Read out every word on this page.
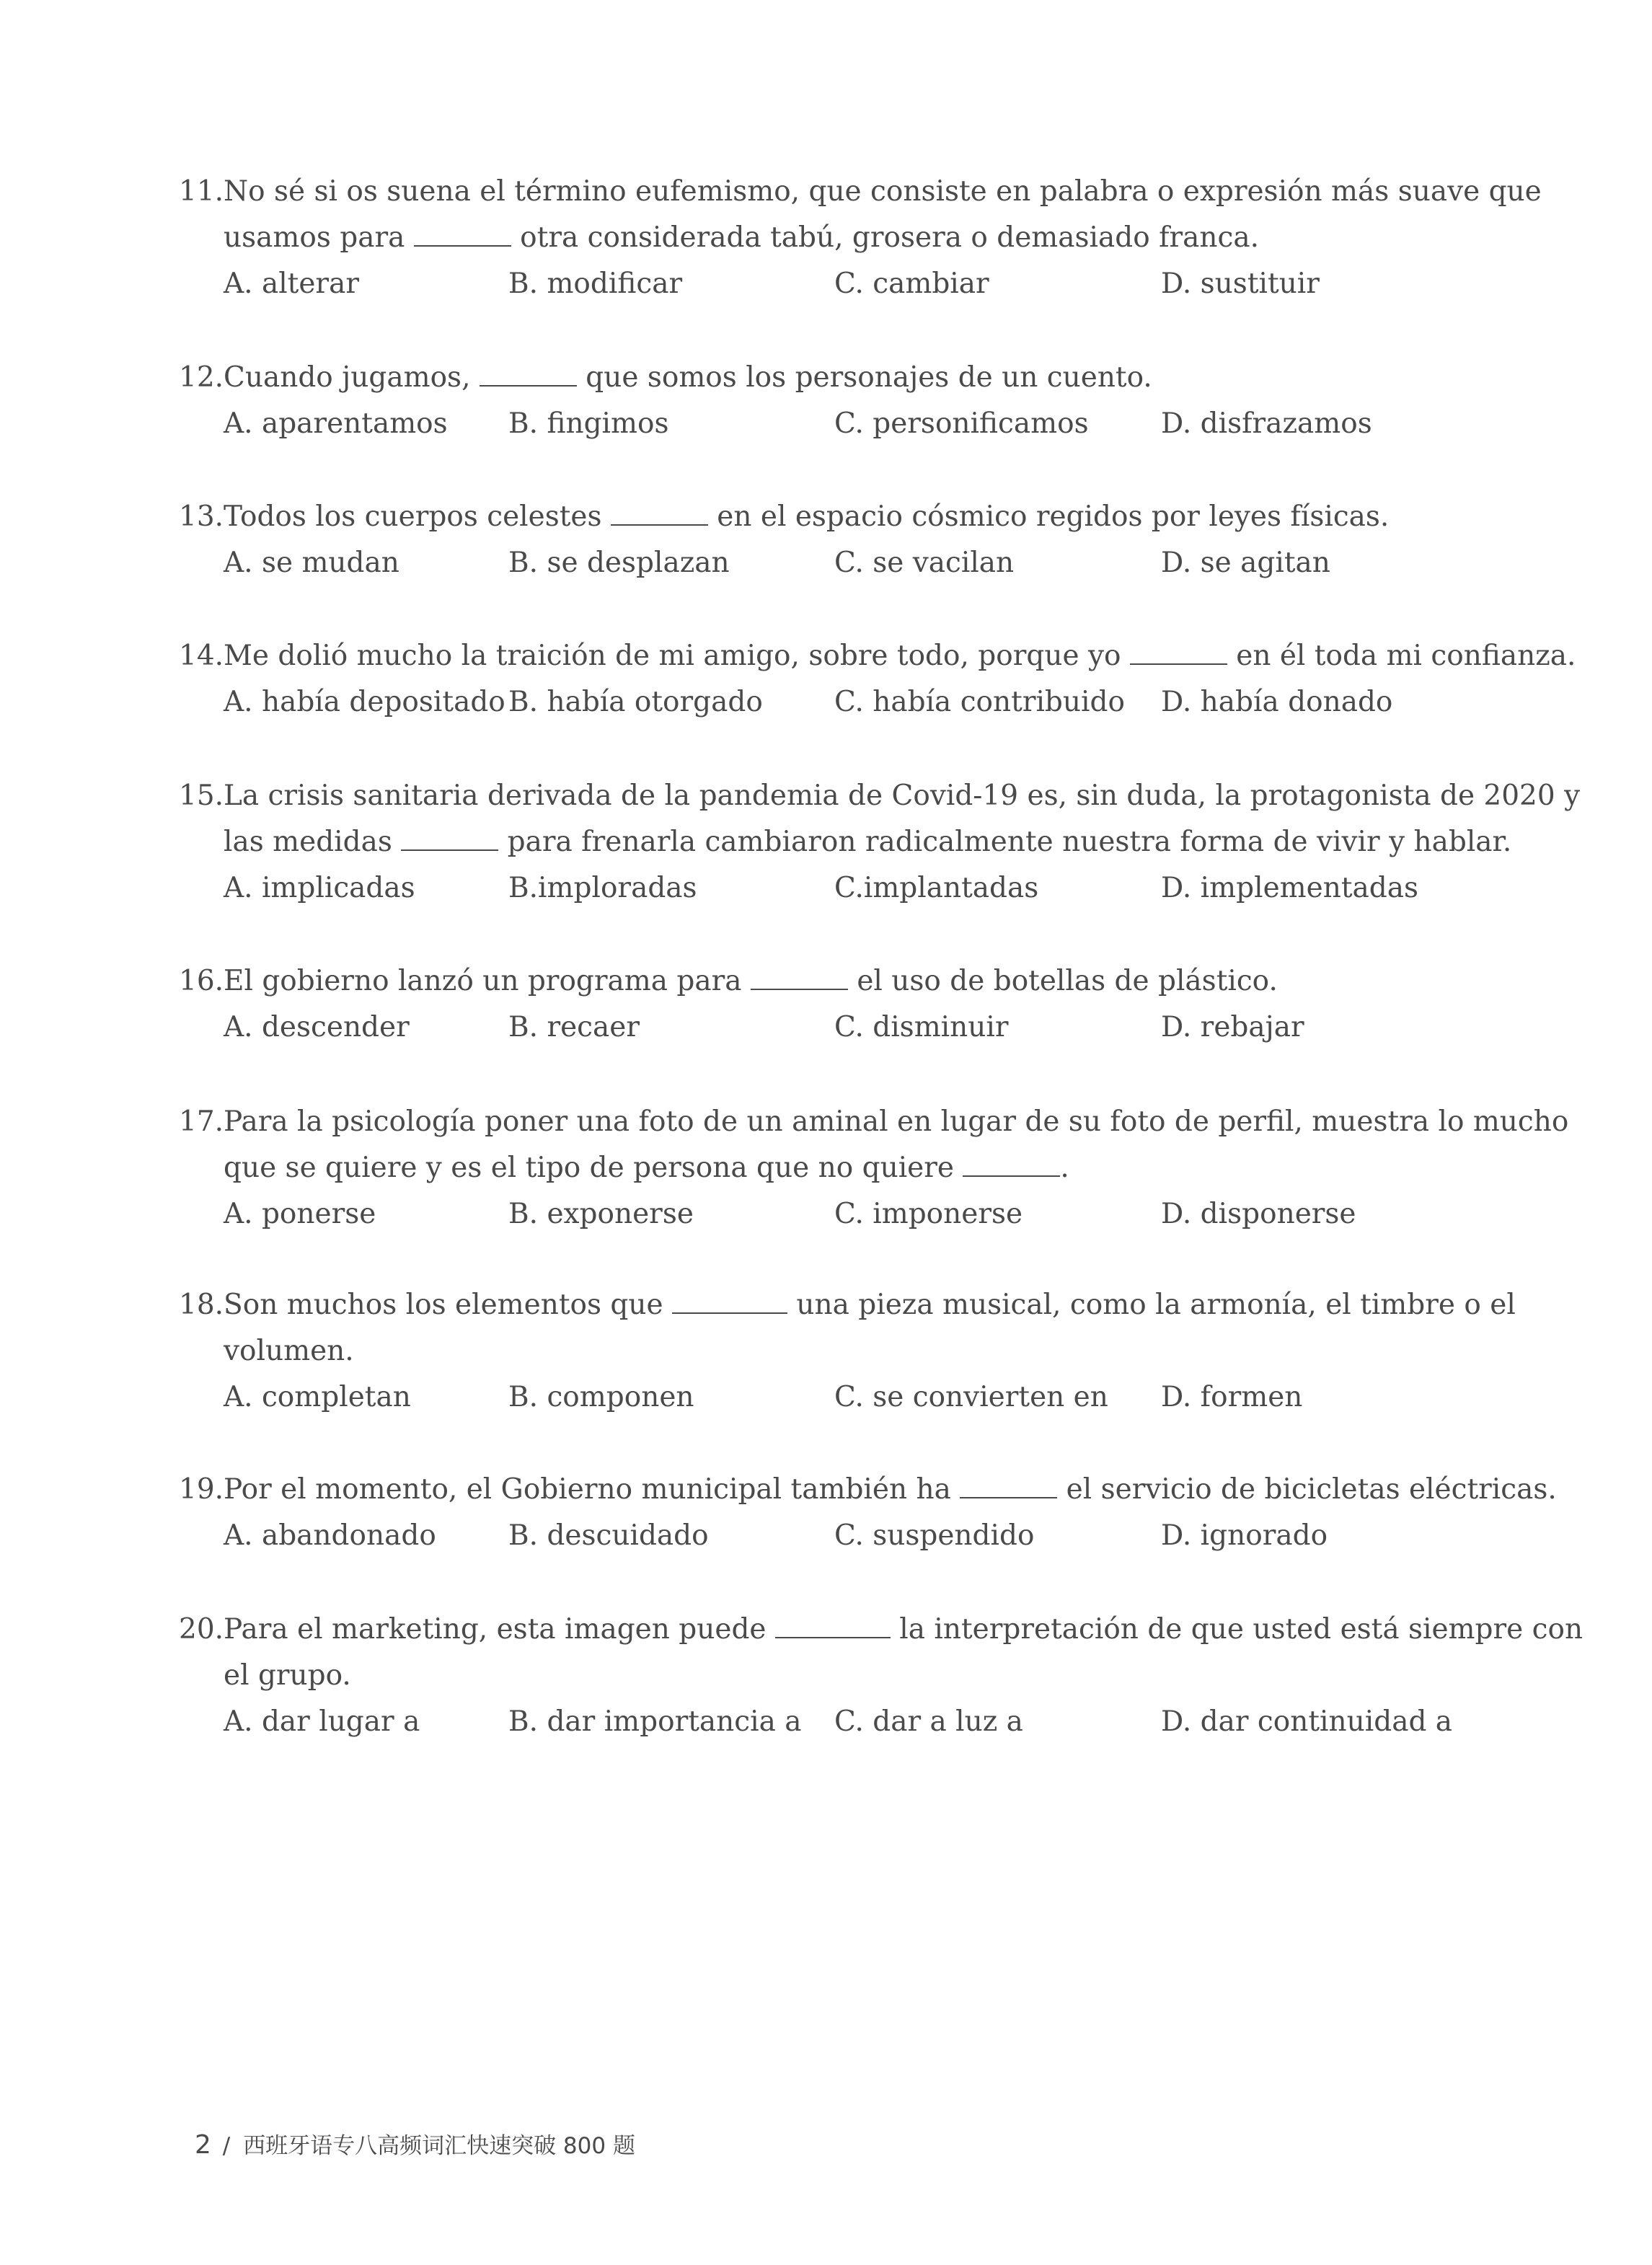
11.No sé si os suena el término eufemismo, que consiste en palabra o expresión más suave que
usamos para	otra considerada tabú, grosera o demasiado franca.
A. alterar	B. modificar	C. cambiar	D. sustituir
12.Cuando jugamos,	que somos los personajes de un cuento.
A. aparentamos B. fingimos	C. personificamos	D. disfrazamos
13.Todos los cuerpos celestes	en el espacio cósmico regidos por leyes físicas.
A. se mudan	B. se desplazan	C. se vacilan	D. se agitan
14.Me dolió mucho la traición de mi amigo, sobre todo, porque yo	en él toda mi confianza.
A. había depositado B. había otorgado	C. había contribuido D. había donado
15.La crisis sanitaria derivada de la pandemia de Covid-19 es, sin duda, la protagonista de 2020 y
las medidas	para frenarla cambiaron radicalmente nuestra forma de vivir y hablar.
A. implicadas	B.imploradas	C.implantadas	D. implementadas
16.El gobierno lanzó un programa para	el uso de botellas de plástico.
A. descender	B. recaer	C. disminuir	D. rebajar
17.Para la psicología poner una foto de un aminal en lugar de su foto de perfil, muestra lo mucho
que se quiere y es el tipo de persona que no quiere	.
A. ponerse	B. exponerse	C. imponerse	D. disponerse
18.Son muchos los elementos que	una pieza musical, como la armonía, el timbre o el
volumen.
A. completan	B. componen	C. se convierten en D. formen
19.Por el momento, el Gobierno municipal también ha	el servicio de bicicletas eléctricas.
A. abandonado	B. descuidado	C. suspendido	D. ignorado
20.Para el marketing, esta imagen puede	la interpretación de que usted está siempre con
el grupo.
A. dar lugar a	B. dar importancia a C. dar a luz a	D. dar continuidad a
2 / 西班牙语专八高频词汇快速突破 800 题
